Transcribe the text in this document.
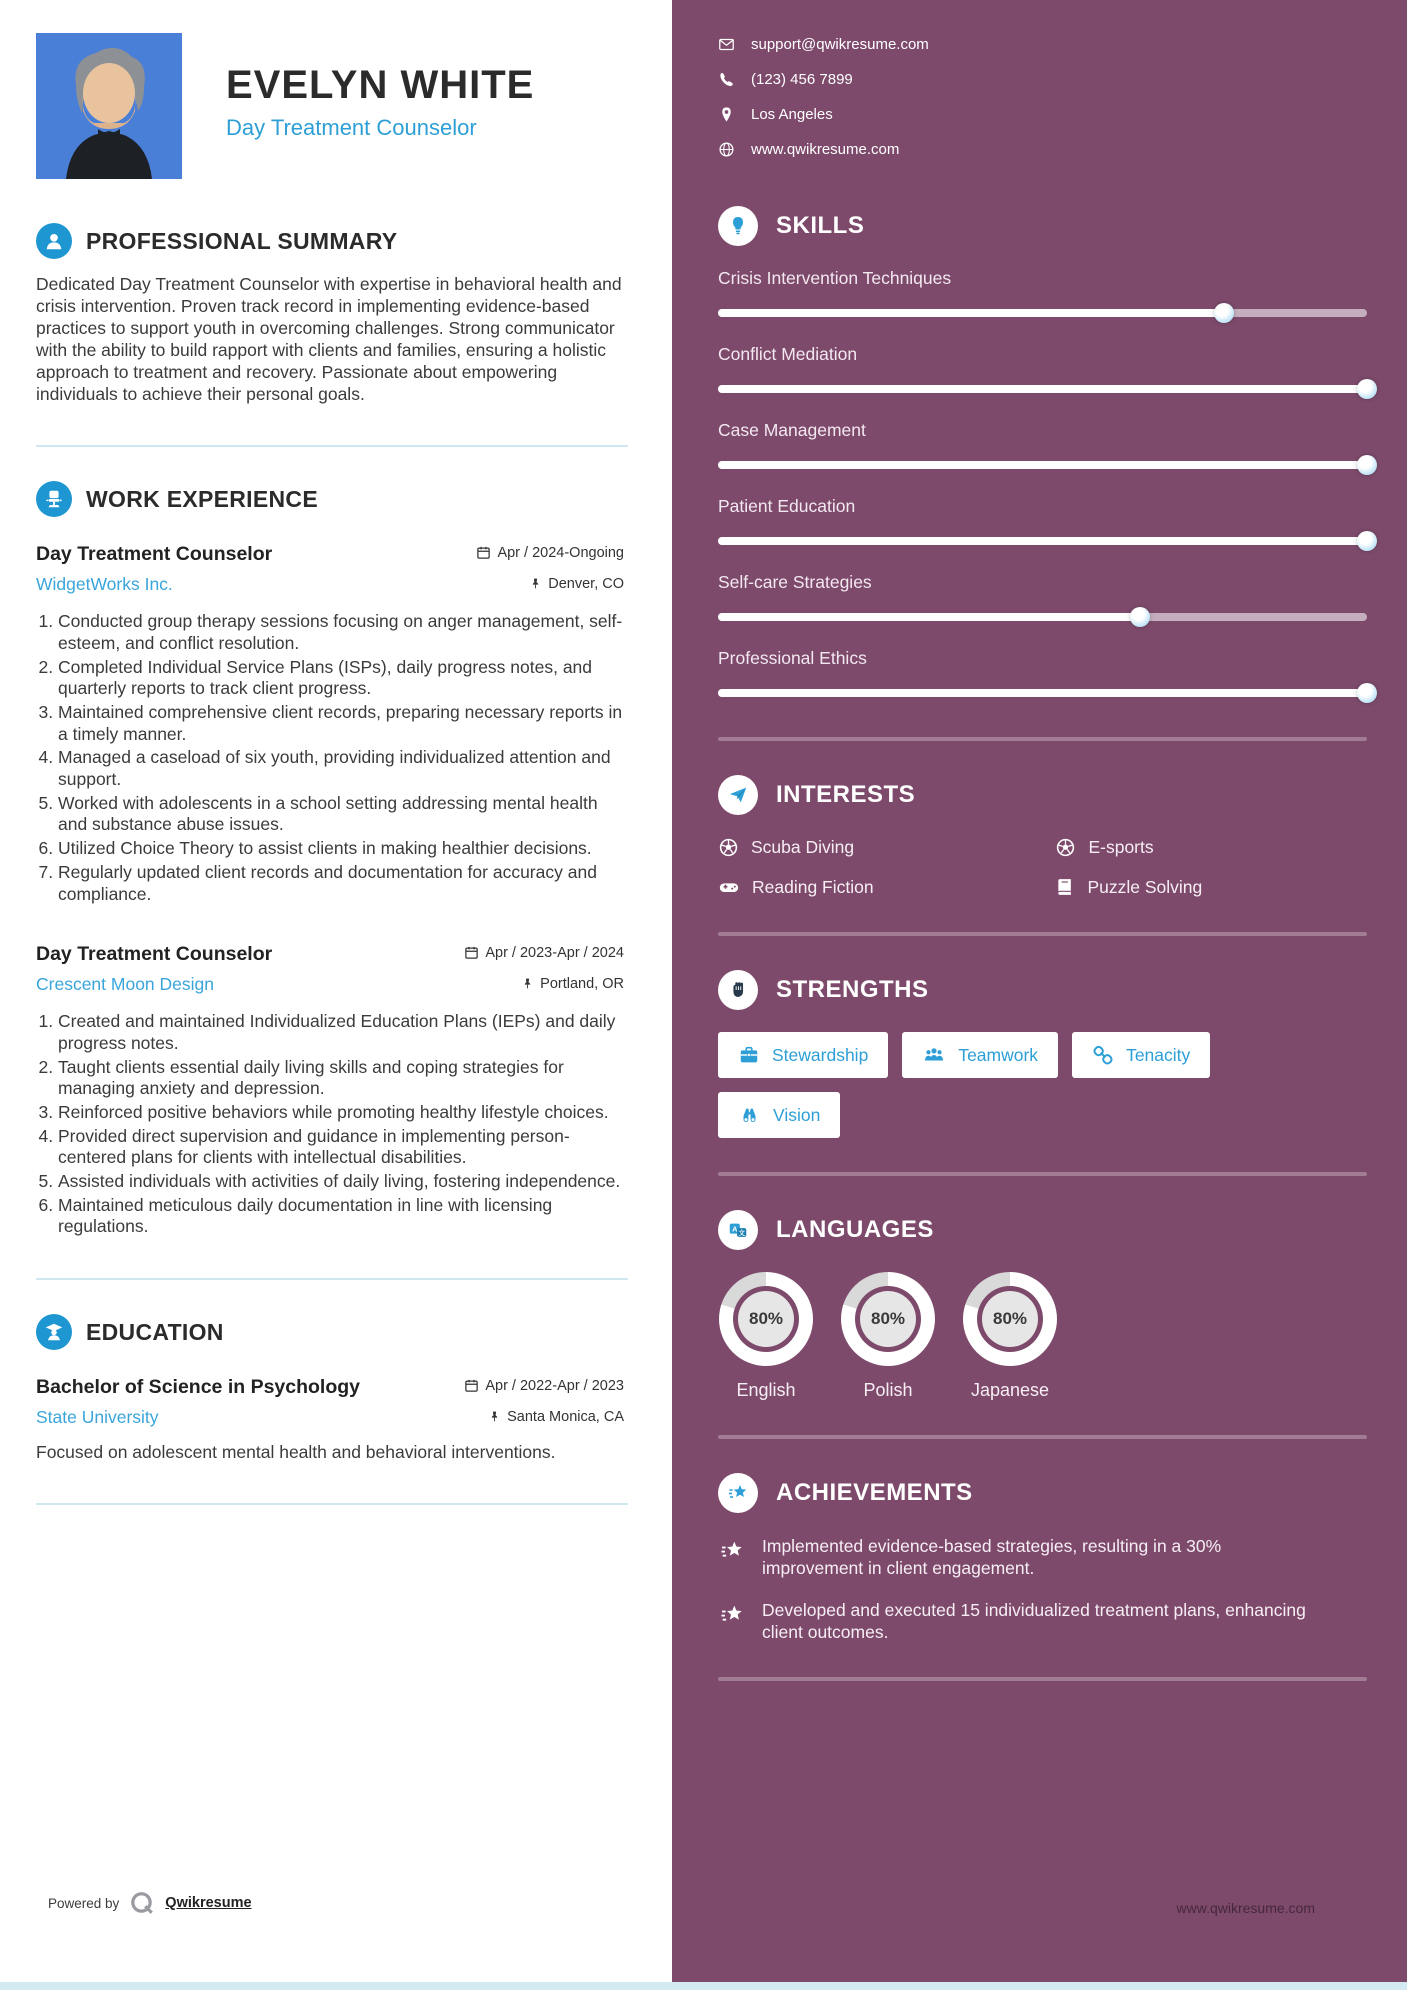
EVELYN WHITE
Day Treatment Counselor
PROFESSIONAL SUMMARY
Dedicated Day Treatment Counselor with expertise in behavioral health and crisis intervention. Proven track record in implementing evidence-based practices to support youth in overcoming challenges. Strong communicator with the ability to build rapport with clients and families, ensuring a holistic approach to treatment and recovery. Passionate about empowering individuals to achieve their personal goals.
WORK EXPERIENCE
Day Treatment Counselor	Apr / 2024-Ongoing
WidgetWorks Inc.	Denver, CO
1. Conducted group therapy sessions focusing on anger management, self-esteem, and conflict resolution.
2. Completed Individual Service Plans (ISPs), daily progress notes, and quarterly reports to track client progress.
3. Maintained comprehensive client records, preparing necessary reports in a timely manner.
4. Managed a caseload of six youth, providing individualized attention and support.
5. Worked with adolescents in a school setting addressing mental health and substance abuse issues.
6. Utilized Choice Theory to assist clients in making healthier decisions.
7. Regularly updated client records and documentation for accuracy and compliance.
Day Treatment Counselor	Apr / 2023-Apr / 2024
Crescent Moon Design	Portland, OR
1. Created and maintained Individualized Education Plans (IEPs) and daily progress notes.
2. Taught clients essential daily living skills and coping strategies for managing anxiety and depression.
3. Reinforced positive behaviors while promoting healthy lifestyle choices.
4. Provided direct supervision and guidance in implementing person-centered plans for clients with intellectual disabilities.
5. Assisted individuals with activities of daily living, fostering independence.
6. Maintained meticulous daily documentation in line with licensing regulations.
EDUCATION
Bachelor of Science in Psychology	Apr / 2022-Apr / 2023
State University	Santa Monica, CA
Focused on adolescent mental health and behavioral interventions.
Powered by	Qwikresume
support@qwikresume.com
(123) 456 7899
Los Angeles
www.qwikresume.com
SKILLS
Crisis Intervention Techniques
Conflict Mediation
Case Management
Patient Education
Self-care Strategies
Professional Ethics
INTERESTS
Scuba Diving	E-sports
Reading Fiction	Puzzle Solving
STRENGTHS
Stewardship	Teamwork	Tenacity
Vision
A 文 LANGUAGES
80%
English
80%
Polish
80%
Japanese
ACHIEVEMENTS
Implemented evidence-based strategies, resulting in a 30% improvement in client engagement.
Developed and executed 15 individualized treatment plans, enhancing client outcomes.
www.qwikresume.com
